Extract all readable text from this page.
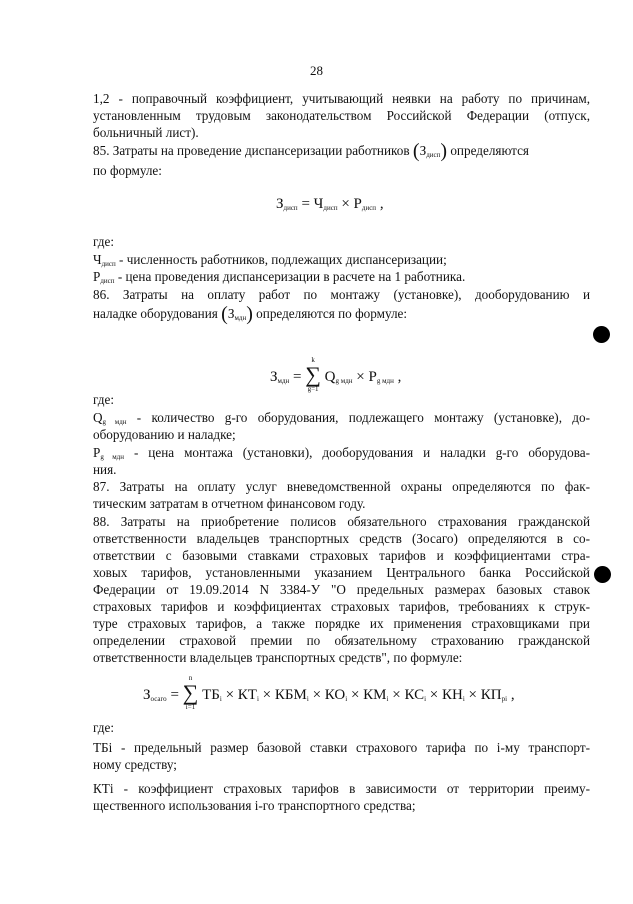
28
1,2 - поправочный коэффициент, учитывающий неявки на работу по причинам,
установленным трудовым законодательством Российской Федерации (отпуск,
больничный лист).
85. Затраты на проведение диспансеризации работников $(З_{дисп})$ определяются
по формуле:
$З_{дисп} = Ч_{дисп} \times Р_{дисп}$ ,
где:
$Ч_{дисп}$ - численность работников, подлежащих диспансеризации;
$Р_{дисп}$ - цена проведения диспансеризации в расчете на 1 работника.
86. Затраты на оплату работ по монтажу (установке), дооборудованию и
наладке оборудования $(З_{мдн})$ определяются по формуле:
$З_{мдн}$ =
k
∑
g=1
$Q_{g мдн} \times P_{g мдн}$ ,
где:
$Q_{g мдн}$ - количество g-го оборудования, подлежащего монтажу (установке), до-
оборудованию и наладке;
$P_{g мдн}$ - цена монтажа (установки), дооборудования и наладки g-го оборудова-
ния.
87. Затраты на оплату услуг вневедомственной охраны определяются по фак-
тическим затратам в отчетном финансовом году.
88. Затраты на приобретение полисов обязательного страхования гражданской
ответственности владельцев транспортных средств (Зосаго) определяются в со-
ответствии с базовыми ставками страховых тарифов и коэффициентами стра-
ховых тарифов, установленными указанием Центрального банка Российской
Федерации от 19.09.2014 N 3384-У "О предельных размерах базовых ставок
страховых тарифов и коэффициентах страховых тарифов, требованиях к струк-
туре страховых тарифов, а также порядке их применения страховщиками при
определении страховой премии по обязательному страхованию гражданской
ответственности владельцев транспортных средств", по формуле:
$З_{осаго}$ =
n
∑
i=1
$ТБ_i \times КТ_i \times КБМ_i \times КО_i \times КМ_i \times КС_i \times КН_i \times КП_{pi}$ ,
где:
ТБi - предельный размер базовой ставки страхового тарифа по i-му транспорт-
ному средству;
КТi - коэффициент страховых тарифов в зависимости от территории преиму-
щественного использования i-го транспортного средства;
